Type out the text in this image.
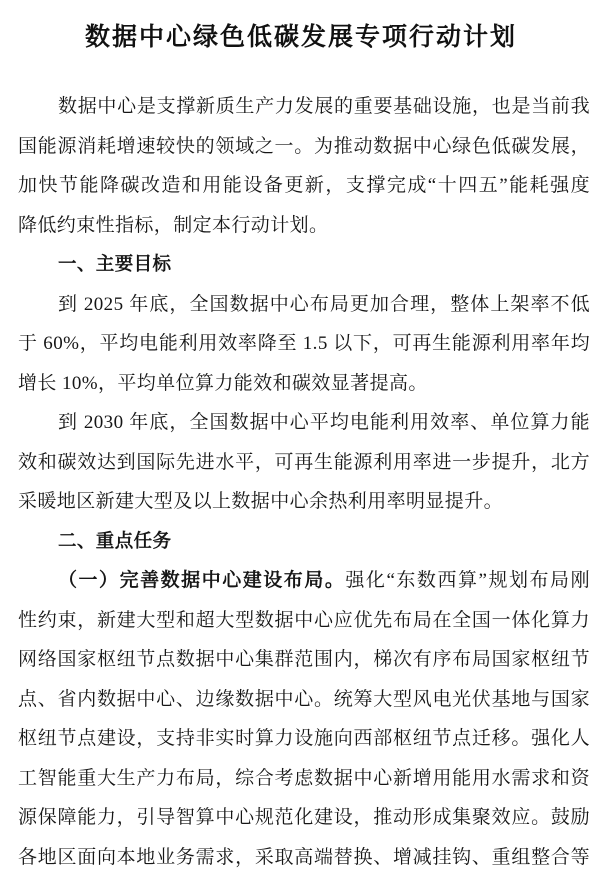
数据中心绿色低碳发展专项行动计划
数据中心是支撑新质生产力发展的重要基础设施，也是当前我
国能源消耗增速较快的领域之一。为推动数据中心绿色低碳发展，
加快节能降碳改造和用能设备更新，支撑完成“十四五”能耗强度
降低约束性指标，制定本行动计划。
一、主要目标
到 2025 年底，全国数据中心布局更加合理，整体上架率不低
于 60%，平均电能利用效率降至 1.5 以下，可再生能源利用率年均
增长 10%，平均单位算力能效和碳效显著提高。
到 2030 年底，全国数据中心平均电能利用效率、单位算力能
效和碳效达到国际先进水平，可再生能源利用率进一步提升，北方
采暖地区新建大型及以上数据中心余热利用率明显提升。
二、重点任务
（一）完善数据中心建设布局。强化“东数西算”规划布局刚
性约束，新建大型和超大型数据中心应优先布局在全国一体化算力
网络国家枢纽节点数据中心集群范围内，梯次有序布局国家枢纽节
点、省内数据中心、边缘数据中心。统筹大型风电光伏基地与国家
枢纽节点建设，支持非实时算力设施向西部枢纽节点迁移。强化人
工智能重大生产力布局，综合考虑数据中心新增用能用水需求和资
源保障能力，引导智算中心规范化建设，推动形成集聚效应。鼓励
各地区面向本地业务需求，采取高端替换、增减挂钩、重组整合等
